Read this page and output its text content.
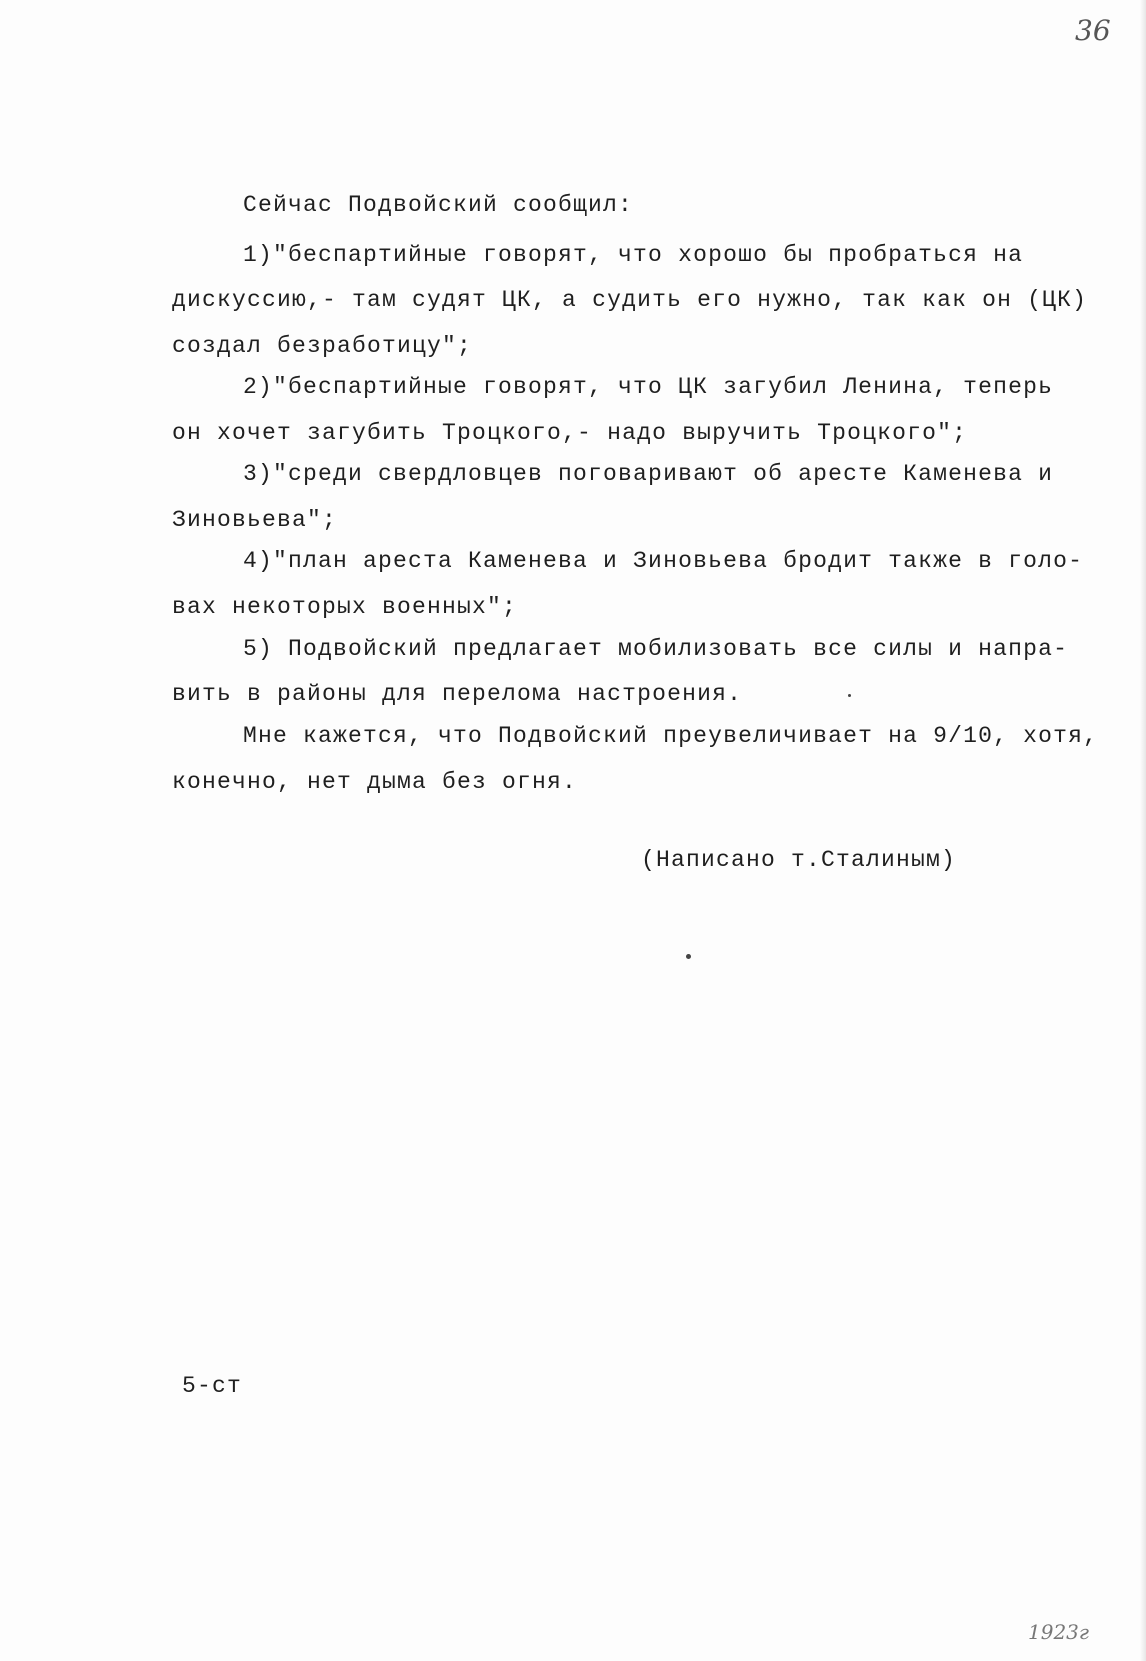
36
Сейчас Подвойский сообщил:
1)"беспартийные говорят, что хорошо бы пробраться на
дискуссию,- там судят ЦК, а судить его нужно, так как он (ЦК)
создал безработицу";
2)"беспартийные говорят, что ЦК загубил Ленина, теперь
он хочет загубить Троцкого,- надо выручить Троцкого";
3)"среди свердловцев поговаривают об аресте Каменева и
Зиновьева";
4)"план ареста Каменева и Зиновьева бродит также в голо-
вах некоторых военных";
5) Подвойский предлагает мобилизовать все силы и напра-
вить в районы для перелома настроения.
Мне кажется, что Подвойский преувеличивает на 9/10, хотя,
конечно, нет дыма без огня.
(Написано т.Сталиным)
5-ст
1923г
